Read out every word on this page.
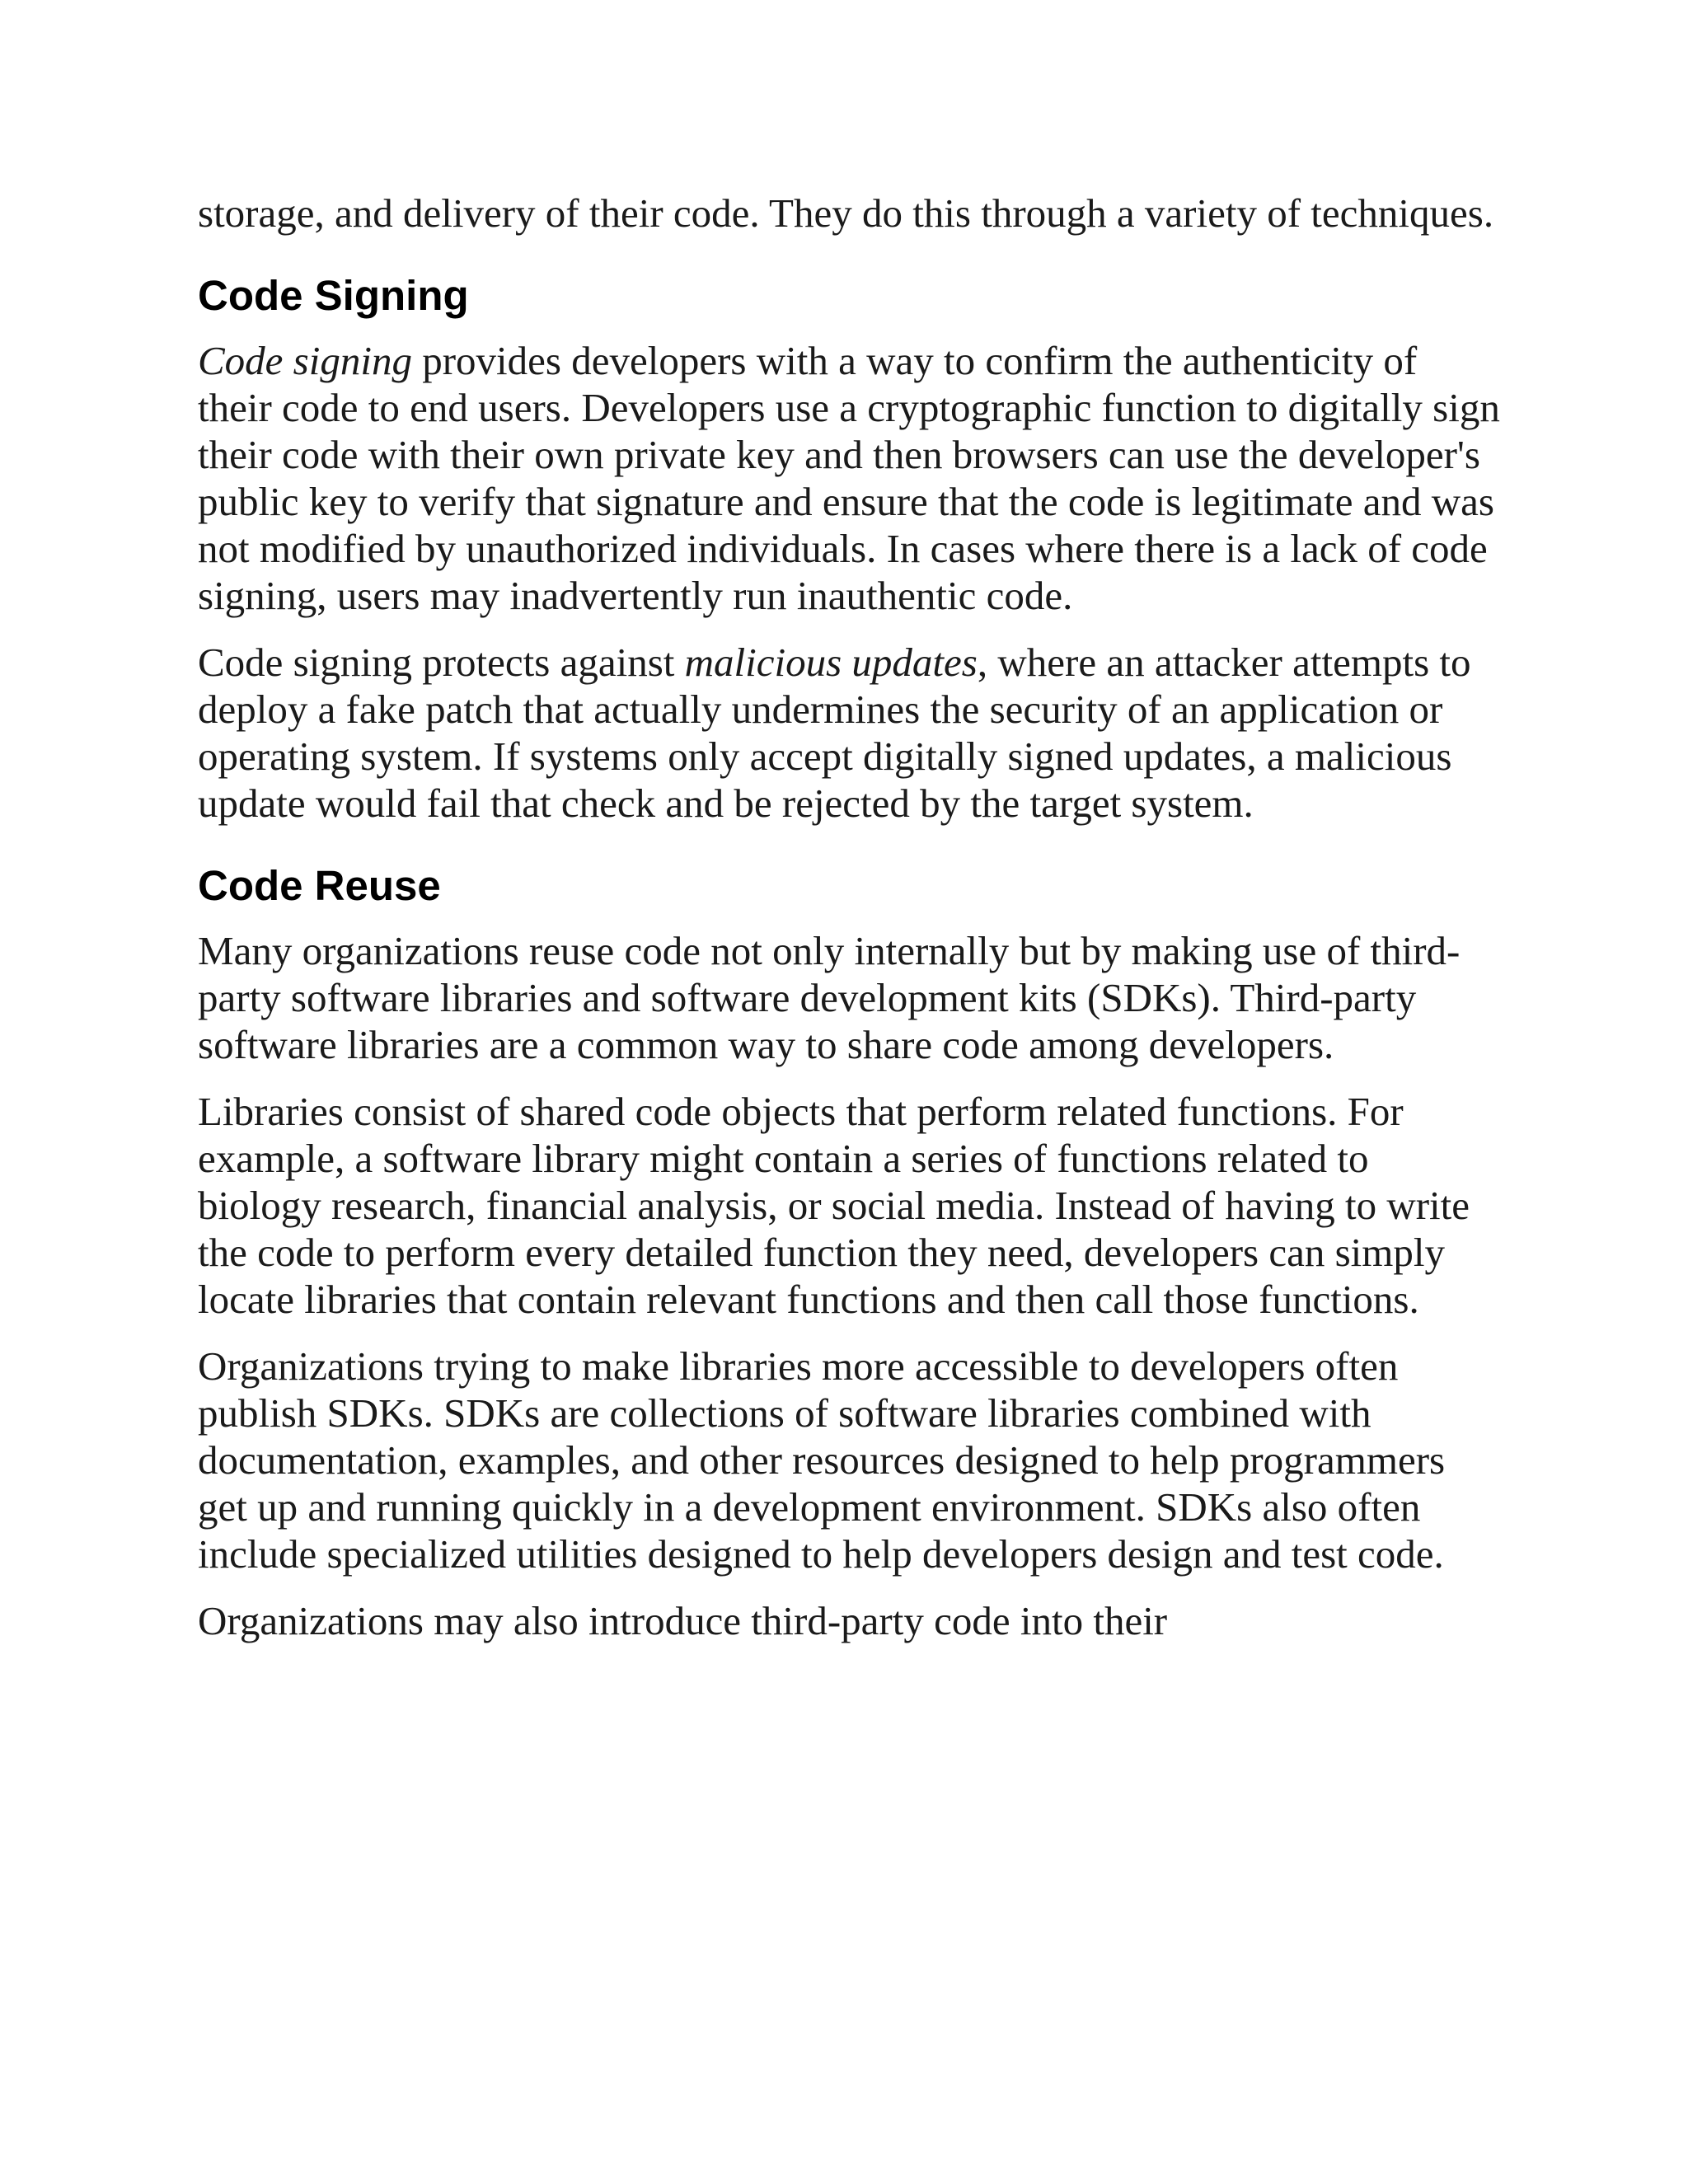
storage, and delivery of their code. They do this through a variety of techniques.

Code Signing

Code signing provides developers with a way to confirm the authenticity of their code to end users. Developers use a cryptographic function to digitally sign their code with their own private key and then browsers can use the developer's public key to verify that signature and ensure that the code is legitimate and was not modified by unauthorized individuals. In cases where there is a lack of code signing, users may inadvertently run inauthentic code.

Code signing protects against malicious updates, where an attacker attempts to deploy a fake patch that actually undermines the security of an application or operating system. If systems only accept digitally signed updates, a malicious update would fail that check and be rejected by the target system.

Code Reuse

Many organizations reuse code not only internally but by making use of third-party software libraries and software development kits (SDKs). Third-party software libraries are a common way to share code among developers.

Libraries consist of shared code objects that perform related functions. For example, a software library might contain a series of functions related to biology research, financial analysis, or social media. Instead of having to write the code to perform every detailed function they need, developers can simply locate libraries that contain relevant functions and then call those functions.

Organizations trying to make libraries more accessible to developers often publish SDKs. SDKs are collections of software libraries combined with documentation, examples, and other resources designed to help programmers get up and running quickly in a development environment. SDKs also often include specialized utilities designed to help developers design and test code.

Organizations may also introduce third-party code into their
